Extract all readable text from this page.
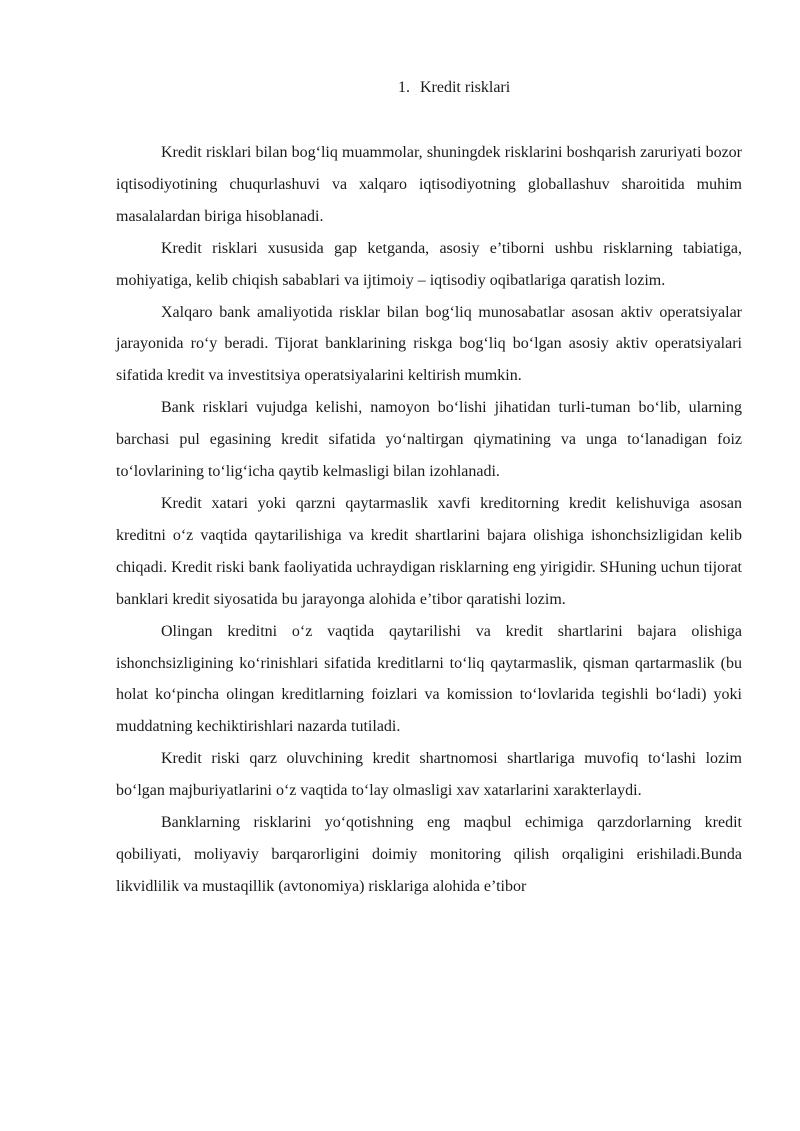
1. Kredit risklari

Kredit risklari bilan bog‘liq muammolar, shuningdek risklarini boshqarish zaruriyati bozor iqtisodiyotining chuqurlashuvi va xalqaro iqtisodiyotning globallashuv sharoitida muhim masalalardan biriga hisoblanadi.

Kredit risklari xususida gap ketganda, asosiy e’tiborni ushbu risklarning tabiatiga, mohiyatiga, kelib chiqish sabablari va ijtimoiy – iqtisodiy oqibatlariga qaratish lozim.

Xalqaro bank amaliyotida risklar bilan bog‘liq munosabatlar asosan aktiv operatsiyalar jarayonida ro‘y beradi. Tijorat banklarining riskga bog‘liq bo‘lgan asosiy aktiv operatsiyalari sifatida kredit va investitsiya operatsiyalarini keltirish mumkin.

Bank risklari vujudga kelishi, namoyon bo‘lishi jihatidan turli-tuman bo‘lib, ularning barchasi pul egasining kredit sifatida yo‘naltirgan qiymatining va unga to‘lanadigan foiz to‘lovlarining to‘lig‘icha qaytib kelmasligi bilan izohlanadi.

Kredit xatari yoki qarzni qaytarmaslik xavfi kreditorning kredit kelishuviga asosan kreditni o‘z vaqtida qaytarilishiga va kredit shartlarini bajara olishiga ishonchsizligidan kelib chiqadi. Kredit riski bank faoliyatida uchraydigan risklarning eng yirigidir. SHuning uchun tijorat banklari kredit siyosatida bu jarayonga alohida e’tibor qaratishi lozim.

Olingan kreditni o‘z vaqtida qaytarilishi va kredit shartlarini bajara olishiga ishonchsizligining ko‘rinishlari sifatida kreditlarni to‘liq qaytarmaslik, qisman qartarmaslik (bu holat ko‘pincha olingan kreditlarning foizlari va komission to‘lovlarida tegishli bo‘ladi) yoki muddatning kechiktirishlari nazarda tutiladi.

Kredit riski qarz oluvchining kredit shartnomosi shartlariga muvofiq to‘lashi lozim bo‘lgan majburiyatlarini o‘z vaqtida to‘lay olmasligi xav xatarlarini xarakterlaydi.

Banklarning risklarini yo‘qotishning eng maqbul echimiga qarzdorlarning kredit qobiliyati, moliyaviy barqarorligini doimiy monitoring qilish orqaligini erishiladi.Bunda likvidlilik va mustaqillik (avtonomiya) risklariga alohida e’tibor
